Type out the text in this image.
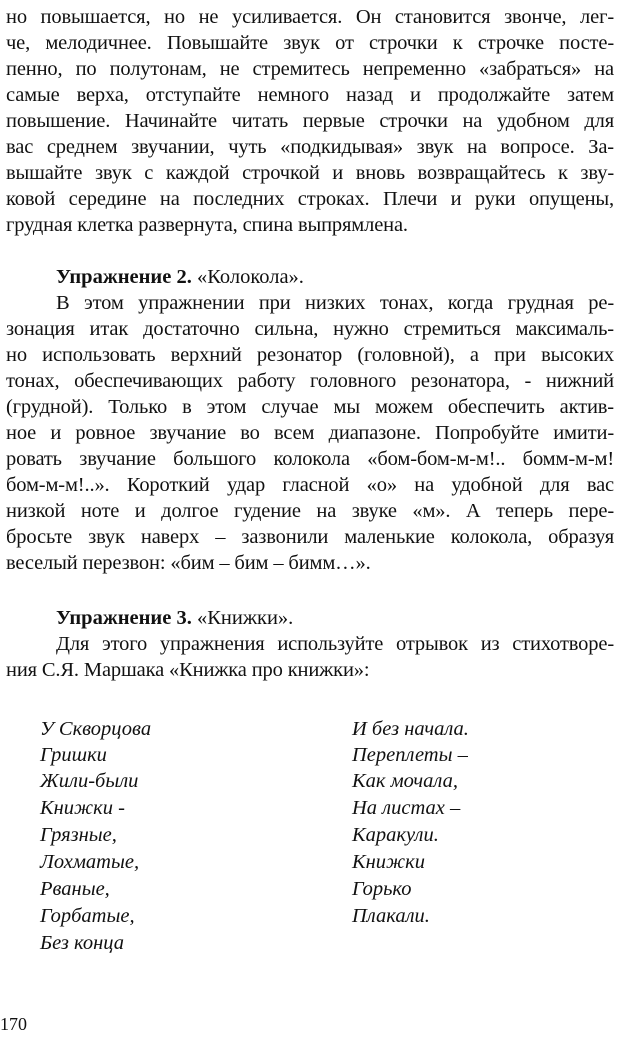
но повышается, но не усиливается. Он становится звонче, лег-
че, мелодичнее. Повышайте звук от строчки к строчке посте-
пенно, по полутонам, не стремитесь непременно «забраться» на
самые верха, отступайте немного назад и продолжайте затем
повышение. Начинайте читать первые строчки на удобном для
вас среднем звучании, чуть «подкидывая» звук на вопросе. За-
вышайте звук с каждой строчкой и вновь возвращайтесь к зву-
ковой середине на последних строках. Плечи и руки опущены,
грудная клетка развернута, спина выпрямлена.
Упражнение 2. «Колокола».
В этом упражнении при низких тонах, когда грудная ре-
зонация итак достаточно сильна, нужно стремиться максималь-
но использовать верхний резонатор (головной), а при высоких
тонах, обеспечивающих работу головного резонатора, - нижний
(грудной). Только в этом случае мы можем обеспечить актив-
ное и ровное звучание во всем диапазоне. Попробуйте имити-
ровать звучание большого колокола «бом-бом-м-м!.. бомм-м-м!
бом-м-м!..». Короткий удар гласной «о» на удобной для вас
низкой ноте и долгое гудение на звуке «м». А теперь пере-
бросьте звук наверх – зазвонили маленькие колокола, образуя
веселый перезвон: «бим – бим – бимм…».
Упражнение 3. «Книжки».
Для этого упражнения используйте отрывок из стихотворе-
ния С.Я. Маршака «Книжка про книжки»:
У Скворцова
Гришки
Жили-были
Книжки -
Грязные,
Лохматые,
Рваные,
Горбатые,
Без конца
И без начала.
Переплеты –
Как мочала,
На листах –
Каракули.
Книжки
Горько
Плакали.
170
